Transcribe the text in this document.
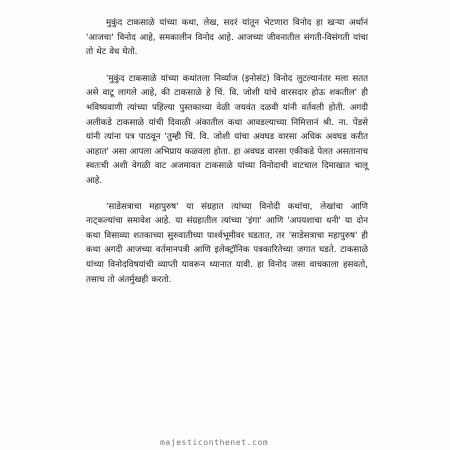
मुकुंद टाकसाळे यांच्या कथा, लेख, सदरं यांतून भेटणारा विनोद हा खऱ्या अर्थानं 'आजचा' विनोद आहे, समकालीन विनोद आहे. आजच्या जीवनातील संगती-विसंगती यांचा तो थेट वेध घेतो.

'मुकुंद टाकसाळे यांच्या कथांतला निर्व्याज (इनोसंट) विनोद लुटल्यानंतर मला सतत असे वाटू लागले आहे, की टाकसाळे हे चिं. वि. जोशी यांचे वारसदार होऊ शकतील' ही भविष्यवाणी त्यांच्या पहिल्या पुस्तकाच्या वेळी जयवंत दळवी यांनी वर्तवली होती. अगदी अलीकडे टाकसाळे यांची दिवाळी अंकातील कथा आवडल्याच्या निमित्तानं श्री. ना. पेंडसे यांनी त्यांना पत्र पाठवून 'तुम्ही चिं. वि. जोशी यांचा अवघड वारसा अधिक अवघड करीत आहात' असा आपला अभिप्राय कळवला होता. हा अवघड वारसा एकीकडे पेलत असतानाच स्वतःची अशी वेगळी वाट अजमावत टाकसाळे यांच्या विनोदाची वाटचाल दिमाखात चालू आहे.

'साडेसत्राचा महापुरुष' या संग्रहात त्यांच्या विनोदी कथांचा, लेखांचा आणि नाट्कल्यांचा समावेश आहे. या संग्रहातील त्यांच्या 'इंगा' आणि 'अपयशाचा धनी' या दोन कथा विसाव्या शतकाच्या सुरुवातीच्या पार्श्वभूमीवर घडतात, तर 'साडेसत्राचा महापुरुष' ही कथा अगदी आजच्या वर्तमानपत्री आणि इलेक्ट्रॉनिक पत्रकारितेच्या जगात घडते. टाकसाळे यांच्या विनोदविषयांची व्याप्ती यावरून ध्यानात यावी. हा विनोद जसा वाचकाला हसवतो, तसाच तो अंतर्मुखही करतो.

majesticonthenet.com
